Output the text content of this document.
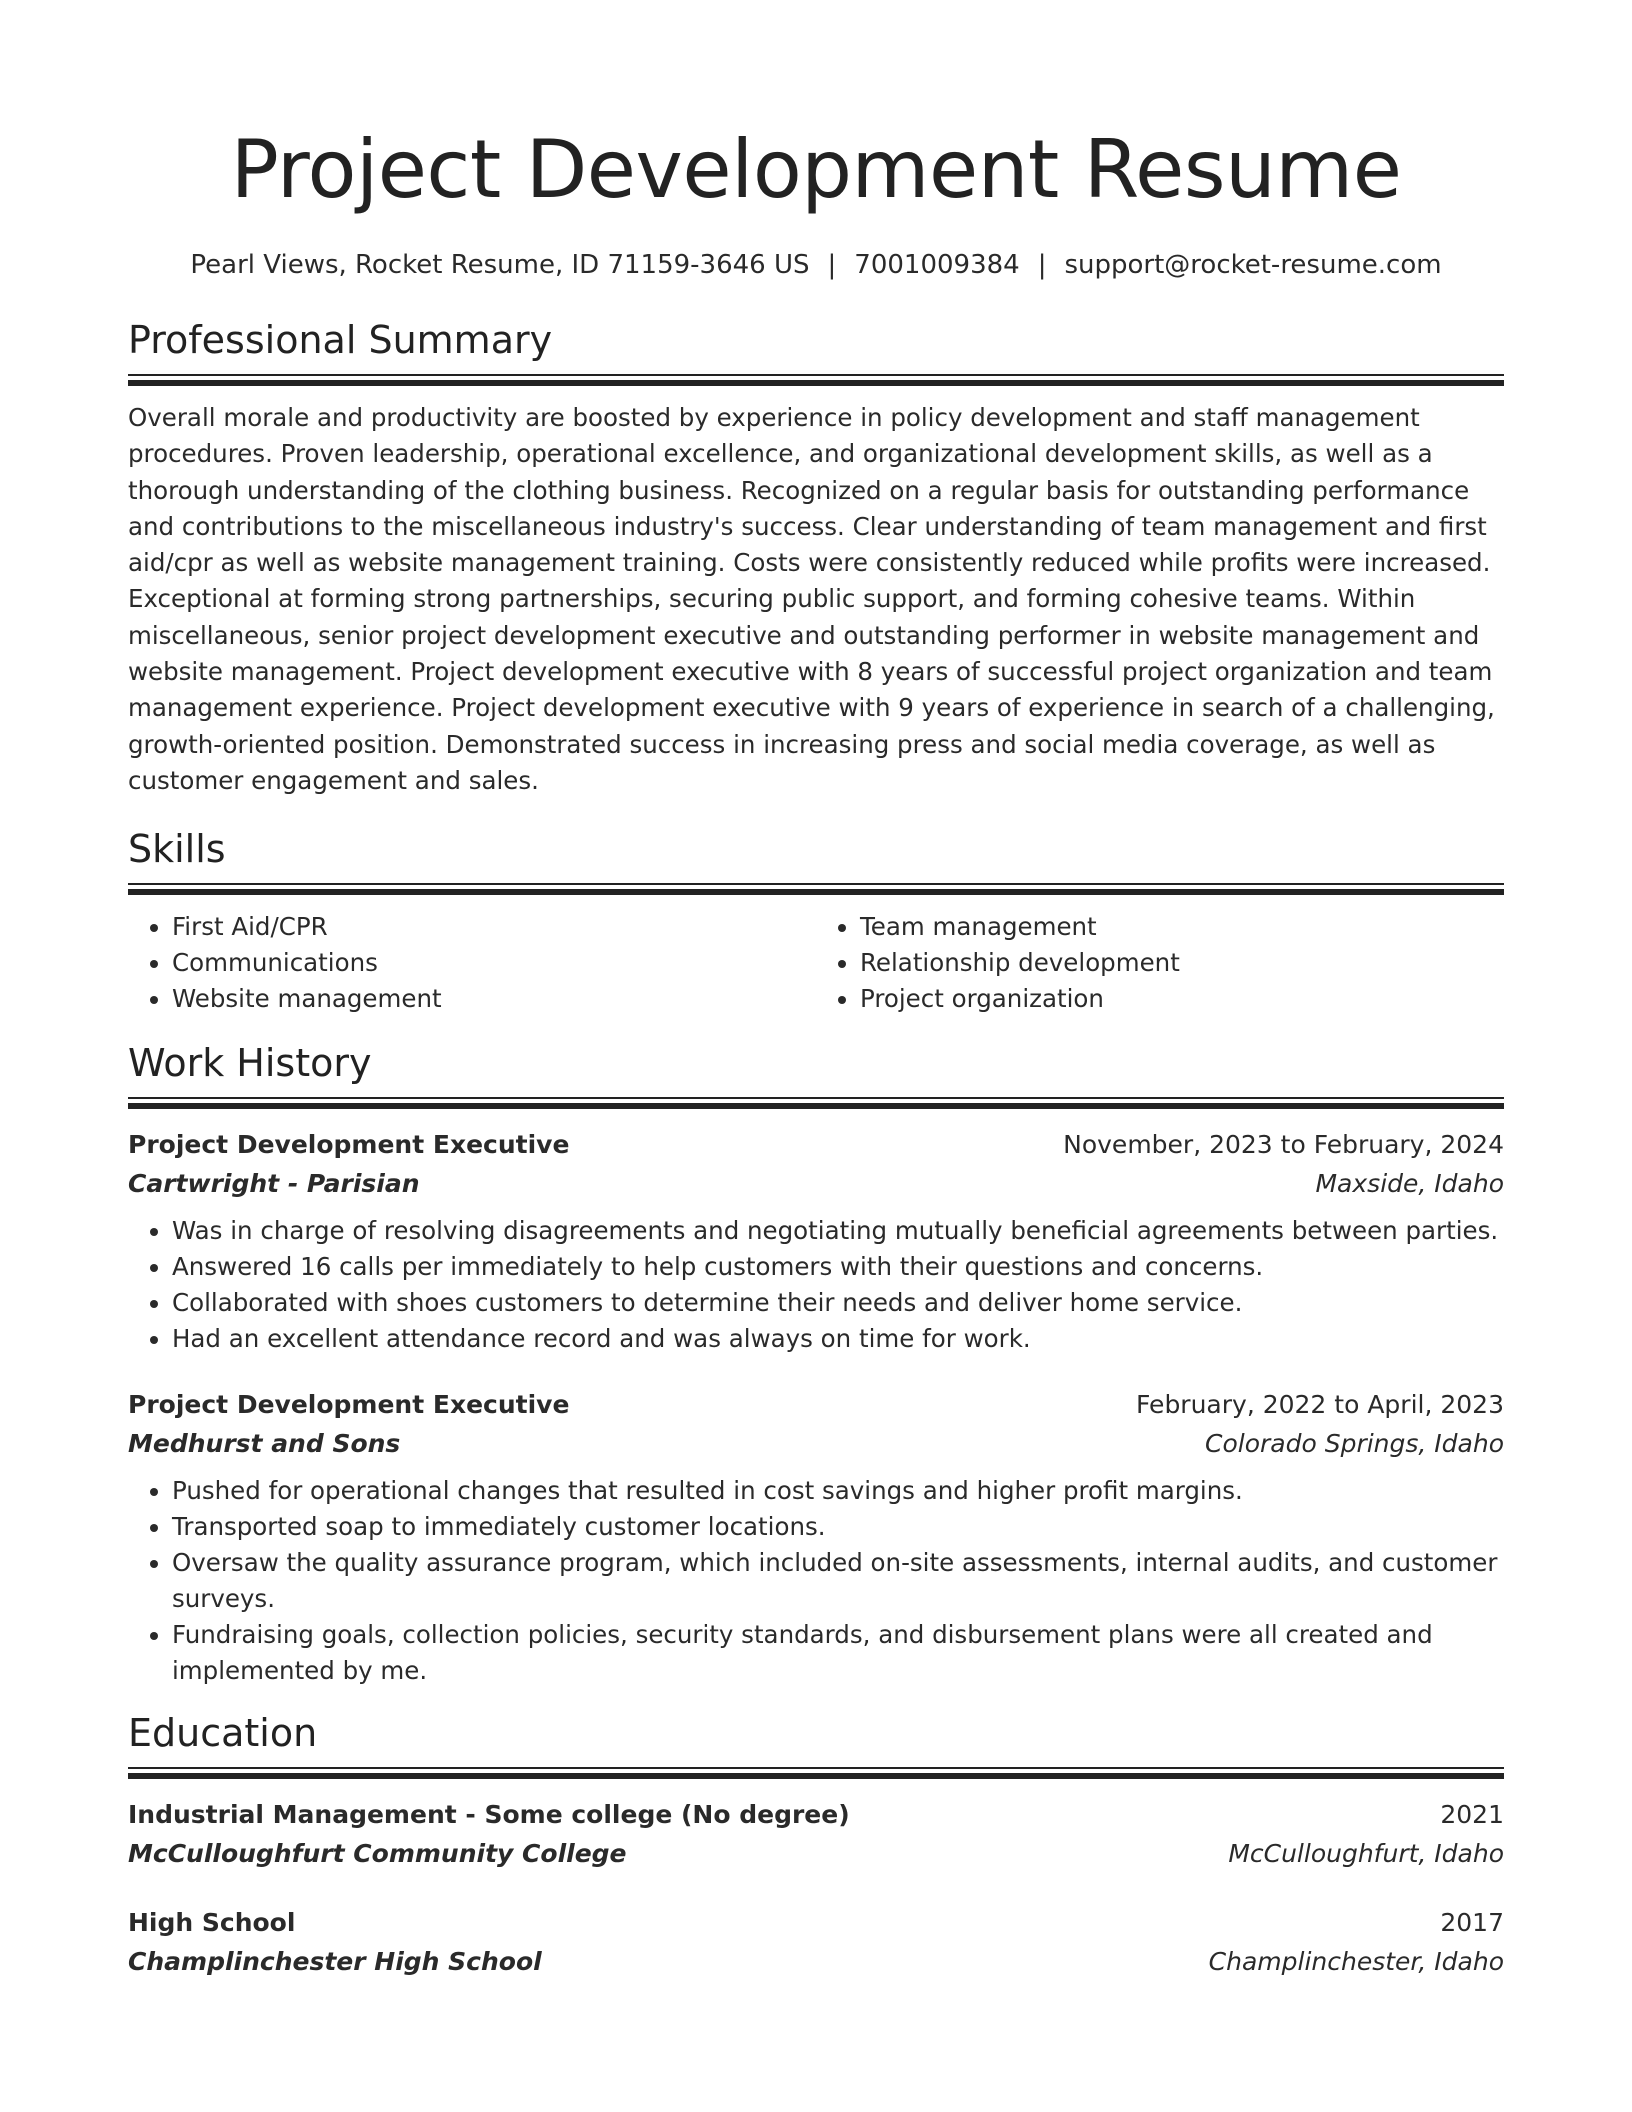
Project Development Resume
Pearl Views, Rocket Resume, ID 71159-3646 US | 7001009384 | support@rocket-resume.com
Professional Summary
Overall morale and productivity are boosted by experience in policy development and staff management procedures. Proven leadership, operational excellence, and organizational development skills, as well as a thorough understanding of the clothing business. Recognized on a regular basis for outstanding performance and contributions to the miscellaneous industry's success. Clear understanding of team management and first aid/cpr as well as website management training. Costs were consistently reduced while profits were increased. Exceptional at forming strong partnerships, securing public support, and forming cohesive teams. Within miscellaneous, senior project development executive and outstanding performer in website management and website management. Project development executive with 8 years of successful project organization and team management experience. Project development executive with 9 years of experience in search of a challenging, growth-oriented position. Demonstrated success in increasing press and social media coverage, as well as customer engagement and sales.
Skills
• First Aid/CPR
• Communications
• Website management
• Team management
• Relationship development
• Project organization
Work History
Project Development Executive	November, 2023 to February, 2024
Cartwright - Parisian	Maxside, Idaho
• Was in charge of resolving disagreements and negotiating mutually beneficial agreements between parties.
• Answered 16 calls per immediately to help customers with their questions and concerns.
• Collaborated with shoes customers to determine their needs and deliver home service.
• Had an excellent attendance record and was always on time for work.
Project Development Executive	February, 2022 to April, 2023
Medhurst and Sons	Colorado Springs, Idaho
• Pushed for operational changes that resulted in cost savings and higher profit margins.
• Transported soap to immediately customer locations.
• Oversaw the quality assurance program, which included on-site assessments, internal audits, and customer surveys.
• Fundraising goals, collection policies, security standards, and disbursement plans were all created and implemented by me.
Education
Industrial Management - Some college (No degree)	2021
McCulloughfurt Community College	McCulloughfurt, Idaho
High School	2017
Champlinchester High School	Champlinchester, Idaho
